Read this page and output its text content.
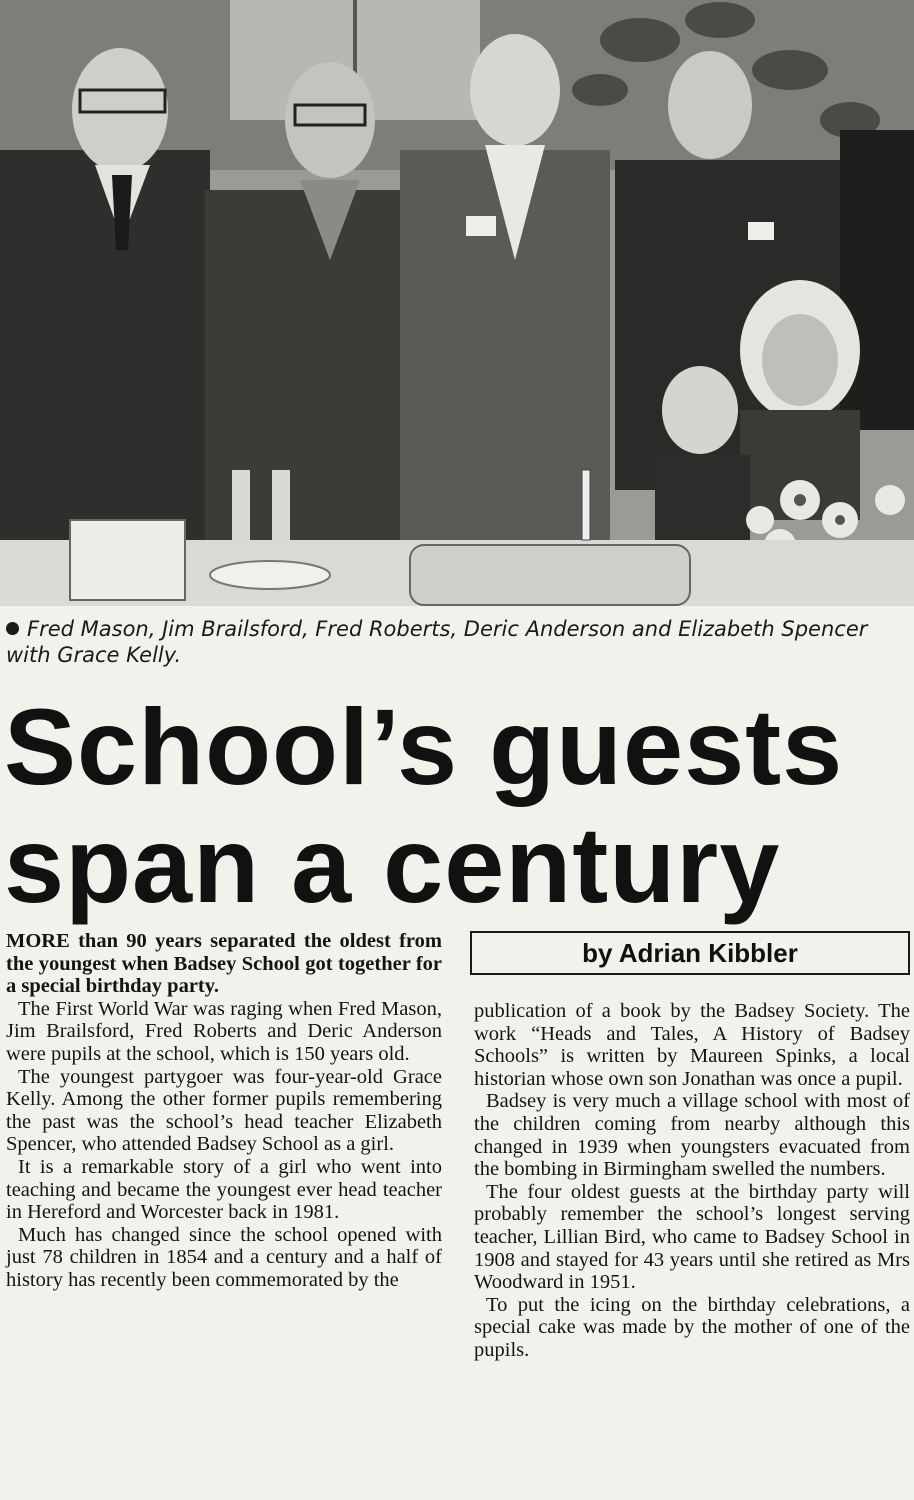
Fred Mason, Jim Brailsford, Fred Roberts, Deric Anderson and Elizabeth Spencer with Grace Kelly.
School’s guests
span a century
by Adrian Kibbler

MORE than 90 years separated the oldest from the youngest when Badsey School got together for a special birthday party.

The First World War was raging when Fred Mason, Jim Brailsford, Fred Roberts and Deric Anderson were pupils at the school, which is 150 years old.

The youngest partygoer was four-year-old Grace Kelly. Among the other former pupils remembering the past was the school’s head teacher Elizabeth Spencer, who attended Badsey School as a girl.

It is a remarkable story of a girl who went into teaching and became the youngest ever head teacher in Hereford and Worcester back in 1981.

Much has changed since the school opened with just 78 children in 1854 and a century and a half of history has recently been commemorated by the

publication of a book by the Badsey Society. The work “Heads and Tales, A History of Badsey Schools” is written by Maureen Spinks, a local historian whose own son Jonathan was once a pupil.

Badsey is very much a village school with most of the children coming from nearby although this changed in 1939 when youngsters evacuated from the bombing in Birmingham swelled the numbers.

The four oldest guests at the birthday party will probably remember the school’s longest serving teacher, Lillian Bird, who came to Badsey School in 1908 and stayed for 43 years until she retired as Mrs Woodward in 1951.

To put the icing on the birthday celebrations, a special cake was made by the mother of one of the pupils.
